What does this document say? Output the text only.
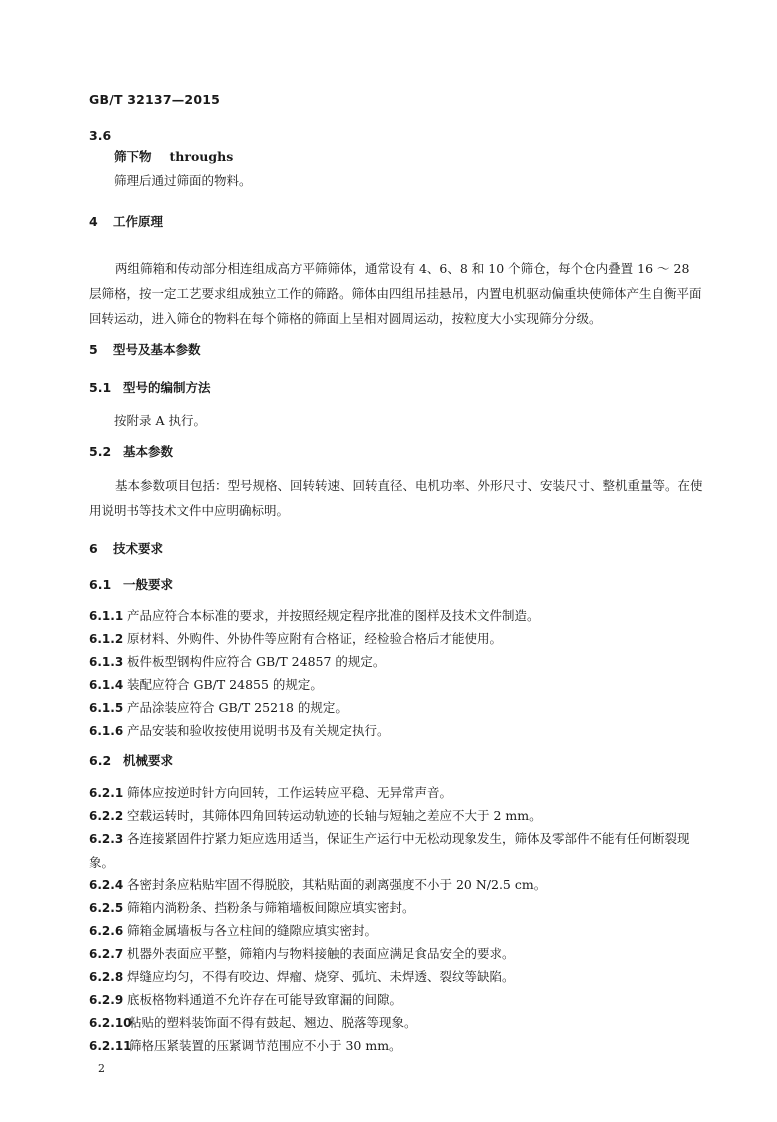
GB/T 32137—2015
3.6
筛下物 throughs
筛理后通过筛面的物料。
4 工作原理
两组筛箱和传动部分相连组成高方平筛筛体，通常设有 4、6、8 和 10 个筛仓，每个仓内叠置 16 ～ 28 层筛格，按一定工艺要求组成独立工作的筛路。筛体由四组吊挂悬吊，内置电机驱动偏重块使筛体产生自衡平面回转运动，进入筛仓的物料在每个筛格的筛面上呈相对圆周运动，按粒度大小实现筛分分级。
5 型号及基本参数
5.1 型号的编制方法
按附录 A 执行。
5.2 基本参数
基本参数项目包括：型号规格、回转转速、回转直径、电机功率、外形尺寸、安装尺寸、整机重量等。在使用说明书等技术文件中应明确标明。
6 技术要求
6.1 一般要求
6.1.1 产品应符合本标准的要求，并按照经规定程序批准的图样及技术文件制造。
6.1.2 原材料、外购件、外协件等应附有合格证，经检验合格后才能使用。
6.1.3 板件板型钢构件应符合 GB/T 24857 的规定。
6.1.4 装配应符合 GB/T 24855 的规定。
6.1.5 产品涂装应符合 GB/T 25218 的规定。
6.1.6 产品安装和验收按使用说明书及有关规定执行。
6.2 机械要求
6.2.1 筛体应按逆时针方向回转，工作运转应平稳、无异常声音。
6.2.2 空载运转时，其筛体四角回转运动轨迹的长轴与短轴之差应不大于 2 mm。
6.2.3 各连接紧固件拧紧力矩应选用适当，保证生产运行中无松动现象发生，筛体及零部件不能有任何断裂现象。
6.2.4 各密封条应粘贴牢固不得脱胶，其粘贴面的剥离强度不小于 20 N/2.5 cm。
6.2.5 筛箱内淌粉条、挡粉条与筛箱墙板间隙应填实密封。
6.2.6 筛箱金属墙板与各立柱间的缝隙应填实密封。
6.2.7 机器外表面应平整，筛箱内与物料接触的表面应满足食品安全的要求。
6.2.8 焊缝应均匀，不得有咬边、焊瘤、烧穿、弧坑、未焊透、裂纹等缺陷。
6.2.9 底板格物料通道不允许存在可能导致窜漏的间隙。
6.2.10粘贴的塑料装饰面不得有鼓起、翘边、脱落等现象。
6.2.11筛格压紧装置的压紧调节范围应不小于 30 mm。
2
